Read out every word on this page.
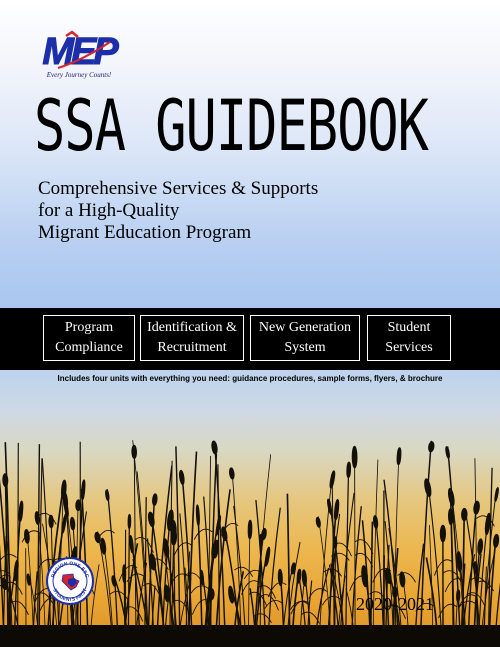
MEP
Every Journey Counts!
SSA GUIDEBOOK
Comprehensive Services & Supports
for a High-Quality
Migrant Education Program
Program
Compliance
Identification &
Recruitment
New Generation
System
Student
Services
Includes four units with everything you need: guidance procedures, sample forms, flyers, & brochure
REGION ONE ESC
STUDENTS FIRST
2020-2021
